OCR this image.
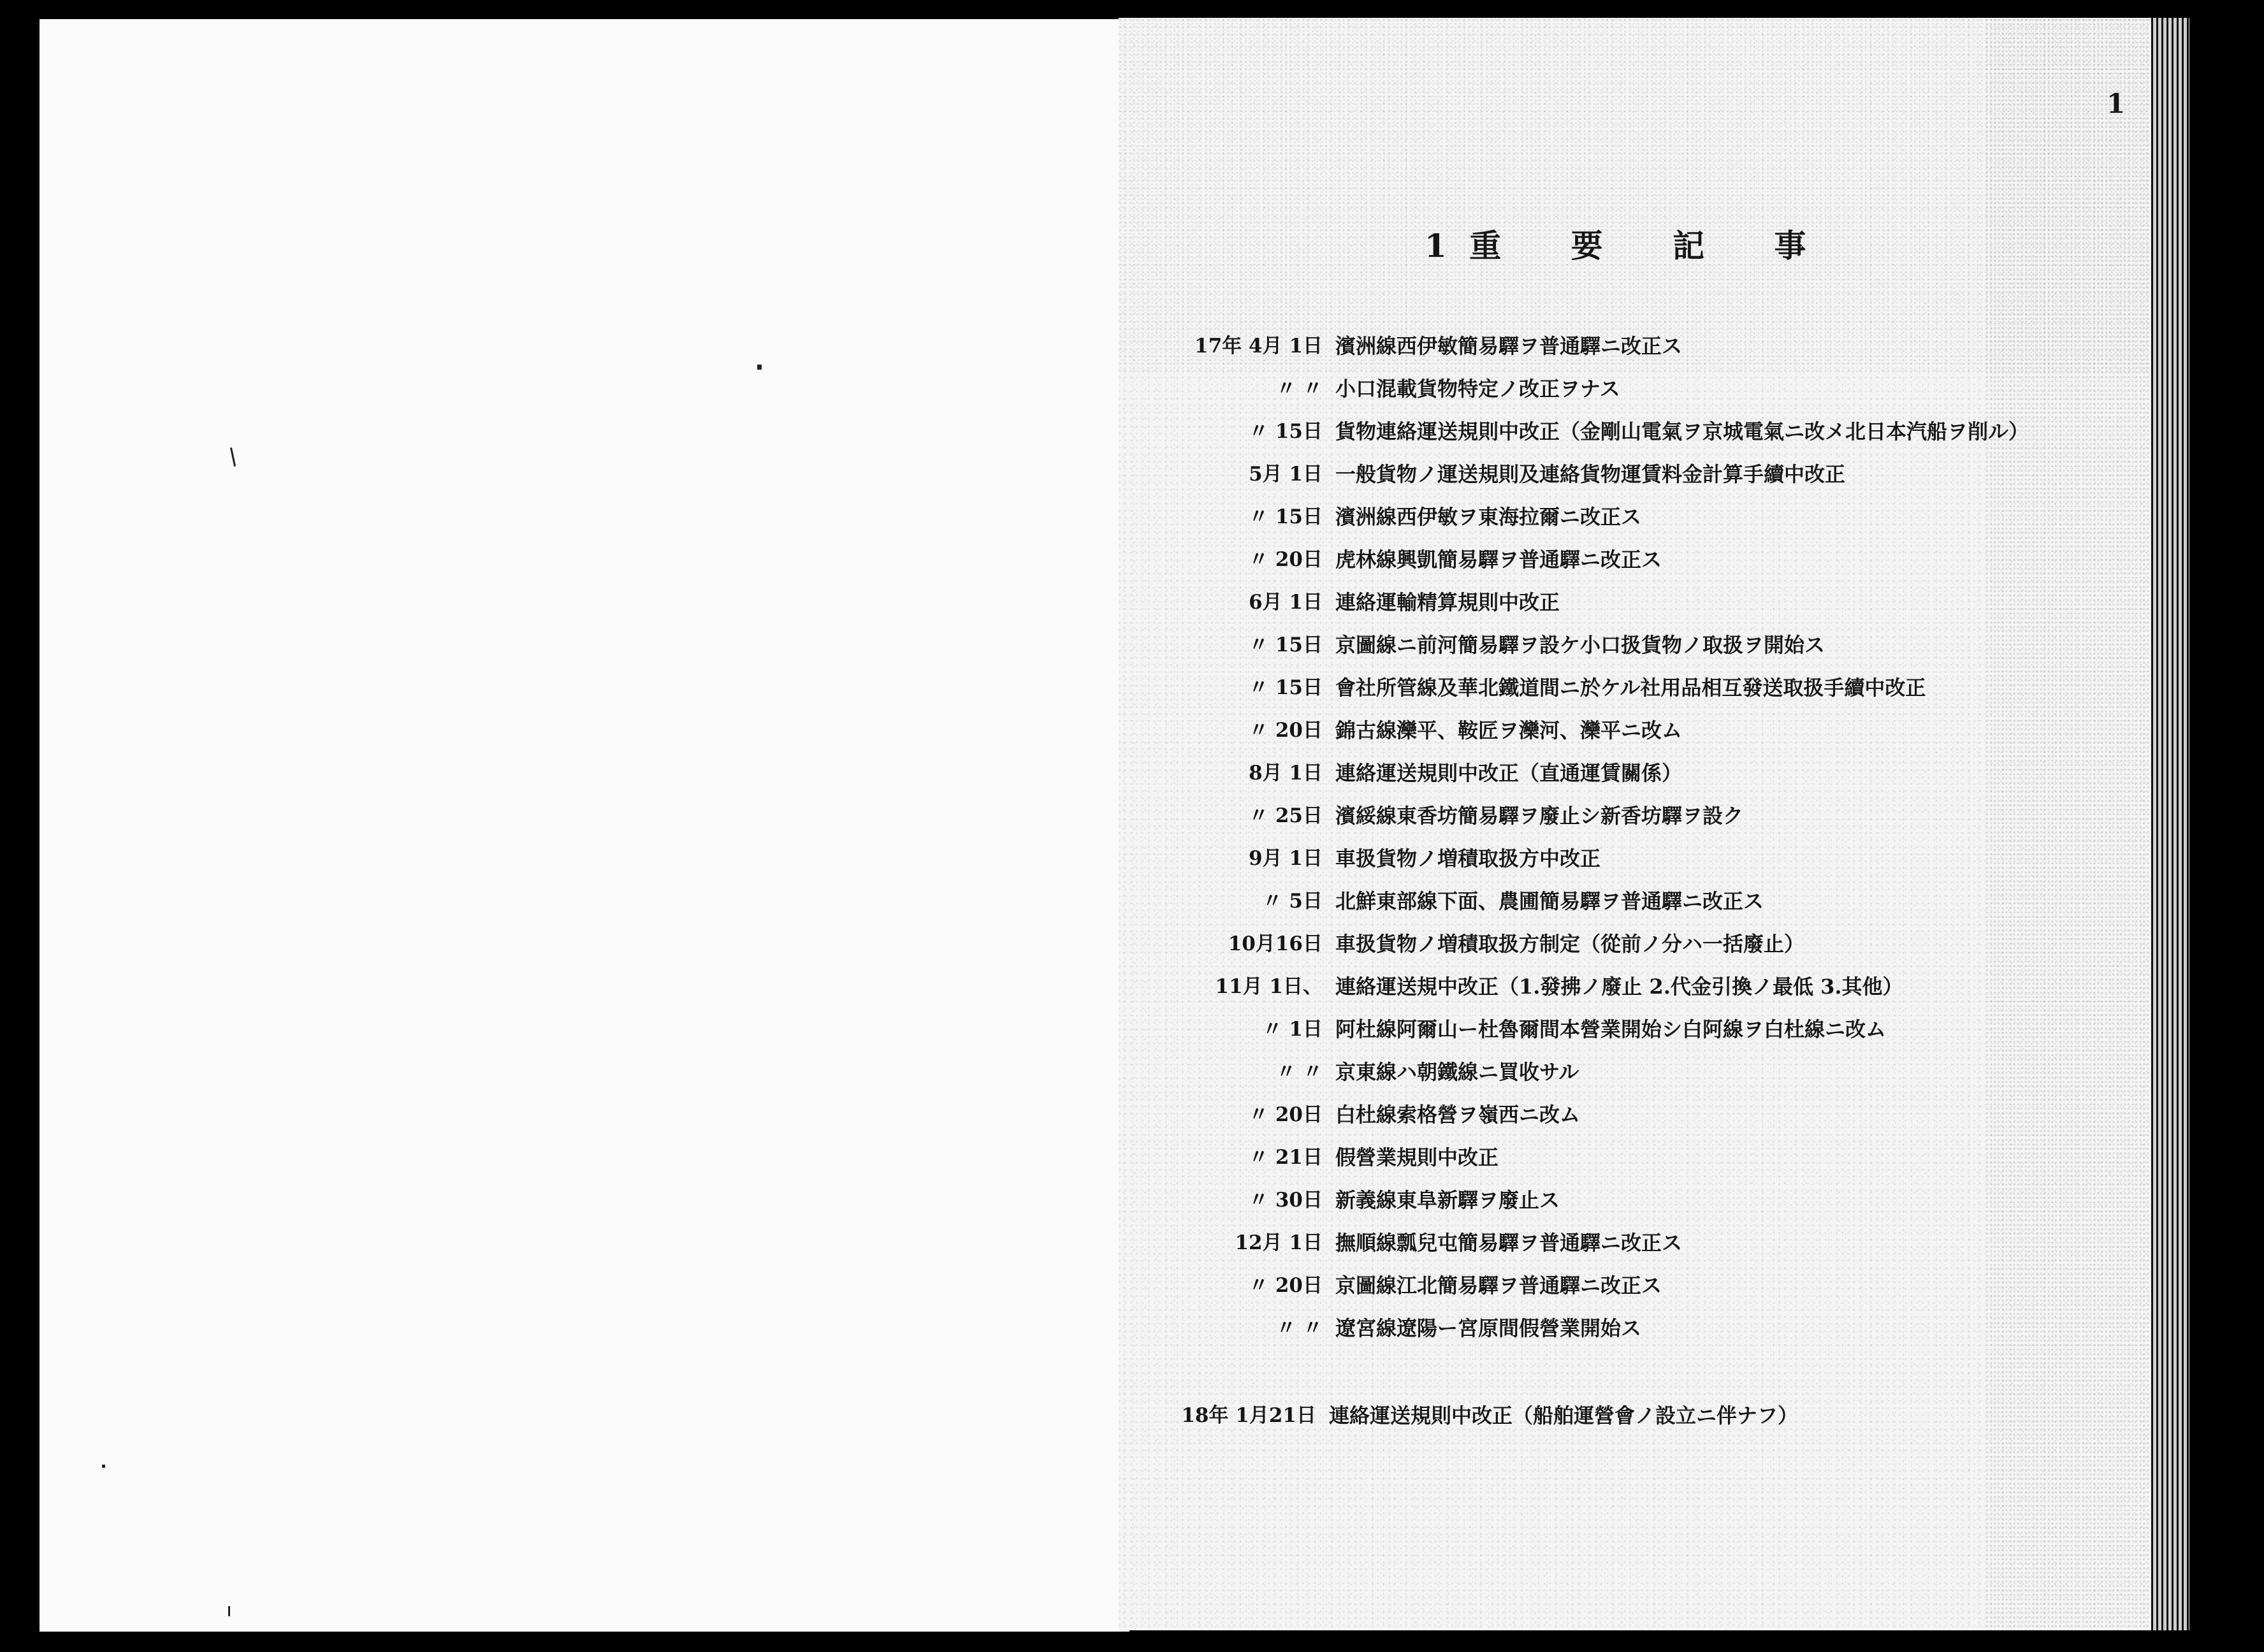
1
1 重 要 記 事
17年 4月 1日 濱洲線西伊敏簡易驛ヲ普通驛ニ改正ス
〃 〃 小口混載貨物特定ノ改正ヲナス
〃 15日 貨物連絡運送規則中改正（金剛山電氣ヲ京城電氣ニ改メ北日本汽船ヲ削ル）
5月 1日 一般貨物ノ運送規則及連絡貨物運賃料金計算手續中改正
〃 15日 濱洲線西伊敏ヲ東海拉爾ニ改正ス
〃 20日 虎林線興凱簡易驛ヲ普通驛ニ改正ス
6月 1日 連絡運輸精算規則中改正
〃 15日 京圖線ニ前河簡易驛ヲ設ケ小口扱貨物ノ取扱ヲ開始ス
〃 15日 會社所管線及華北鐵道間ニ於ケル社用品相互發送取扱手續中改正
〃 20日 錦古線灤平、鞍匠ヲ灤河、灤平ニ改ム
8月 1日 連絡運送規則中改正（直通運賃關係）
〃 25日 濱綏線東香坊簡易驛ヲ廢止シ新香坊驛ヲ設ク
9月 1日 車扱貨物ノ増積取扱方中改正
〃 5日 北鮮東部線下面、農圃簡易驛ヲ普通驛ニ改正ス
10月16日 車扱貨物ノ増積取扱方制定（從前ノ分ハ一括廢止）
11月 1日、 連絡運送規中改正（1.發拂ノ廢止 2.代金引換ノ最低 3.其他）
〃 1日 阿杜線阿爾山ー杜魯爾間本營業開始シ白阿線ヲ白杜線ニ改ム
〃 〃 京東線ハ朝鐵線ニ買收サル
〃 20日 白杜線索格營ヲ嶺西ニ改ム
〃 21日 假營業規則中改正
〃 30日 新義線東阜新驛ヲ廢止ス
12月 1日 撫順線瓢兒屯簡易驛ヲ普通驛ニ改正ス
〃 20日 京圖線江北簡易驛ヲ普通驛ニ改正ス
〃 〃 遼宮線遼陽ー宮原間假營業開始ス
18年 1月21日 連絡運送規則中改正（船舶運營會ノ設立ニ伴ナフ）
